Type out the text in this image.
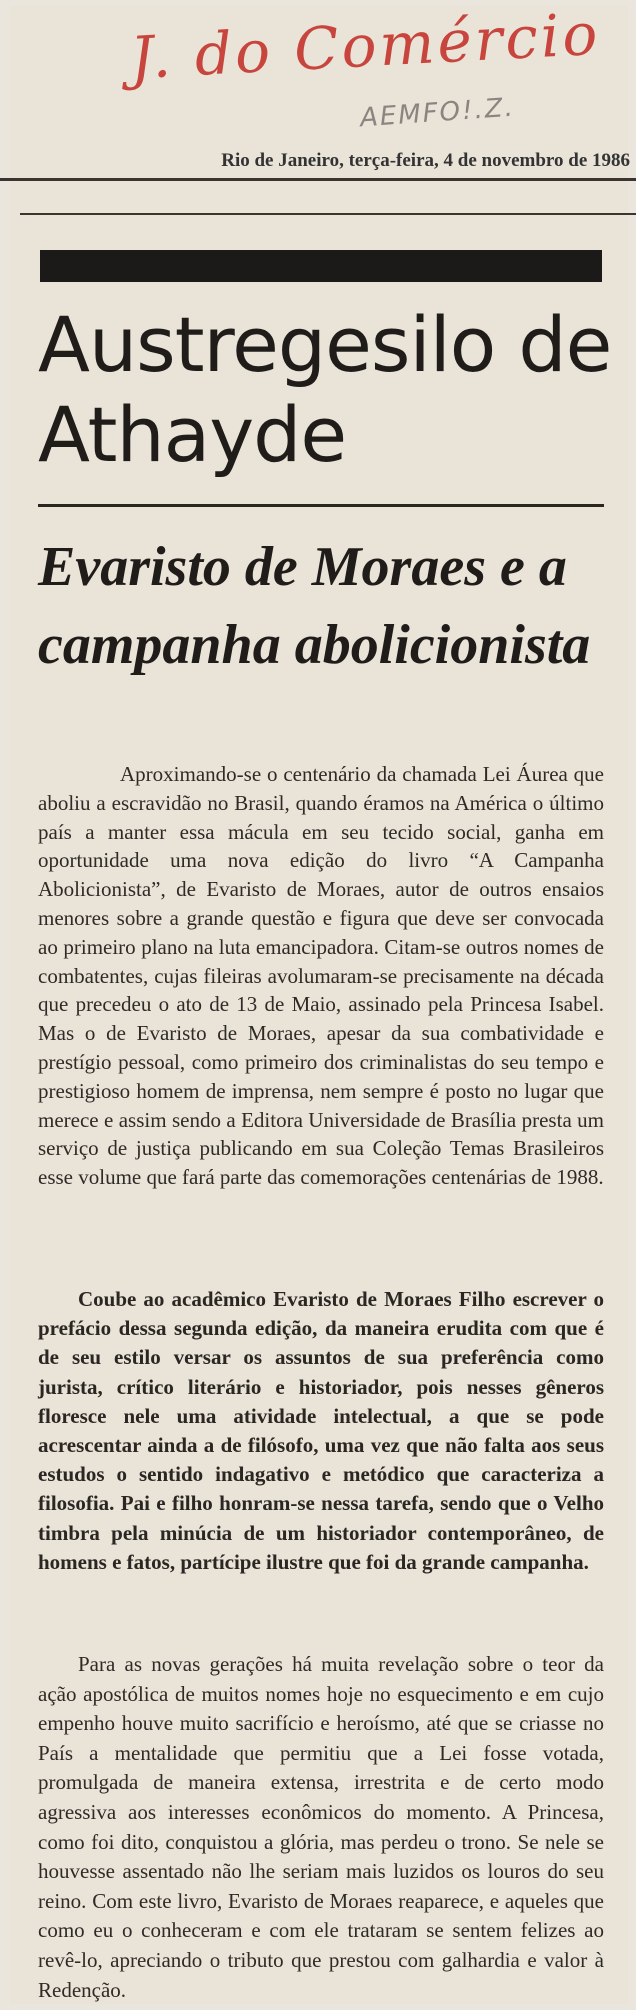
J. do Comércio
AEMFO!.Z.
Rio de Janeiro, terça-feira, 4 de novembro de 1986
Austregesilo de Athayde
Evaristo de Moraes e a campanha abolicionista

Aproximando-se o centenário da chamada Lei Áurea que aboliu a escravidão no Brasil, quando éramos na América o último país a manter essa mácula em seu tecido social, ganha em oportunidade uma nova edição do livro “A Campanha Abolicionista”, de Evaristo de Moraes, autor de outros ensaios menores sobre a grande questão e figura que deve ser convocada ao primeiro plano na luta emancipadora. Citam-se outros nomes de combatentes, cujas fileiras avolumaram-se precisamente na década que precedeu o ato de 13 de Maio, assinado pela Princesa Isabel. Mas o de Evaristo de Moraes, apesar da sua combatividade e prestígio pessoal, como primeiro dos criminalistas do seu tempo e prestigioso homem de imprensa, nem sempre é posto no lugar que merece e assim sendo a Editora Universidade de Brasília presta um serviço de justiça publicando em sua Coleção Temas Brasileiros esse volume que fará parte das comemorações centenárias de 1988.

Coube ao acadêmico Evaristo de Moraes Filho escrever o prefácio dessa segunda edição, da maneira erudita com que é de seu estilo versar os assuntos de sua preferência como jurista, crítico literário e historiador, pois nesses gêneros floresce nele uma atividade intelectual, a que se pode acrescentar ainda a de filósofo, uma vez que não falta aos seus estudos o sentido indagativo e metódico que caracteriza a filosofia. Pai e filho honram-se nessa tarefa, sendo que o Velho timbra pela minúcia de um historiador contemporâneo, de homens e fatos, partícipe ilustre que foi da grande campanha.

Para as novas gerações há muita revelação sobre o teor da ação apostólica de muitos nomes hoje no esquecimento e em cujo empenho houve muito sacrifício e heroísmo, até que se criasse no País a mentalidade que permitiu que a Lei fosse votada, promulgada de maneira extensa, irrestrita e de certo modo agressiva aos interesses econômicos do momento. A Princesa, como foi dito, conquistou a glória, mas perdeu o trono. Se nele se houvesse assentado não lhe seriam mais luzidos os louros do seu reino. Com este livro, Evaristo de Moraes reaparece, e aqueles que como eu o conheceram e com ele trataram se sentem felizes ao revê-lo, apreciando o tributo que prestou com galhardia e valor à Redenção.
